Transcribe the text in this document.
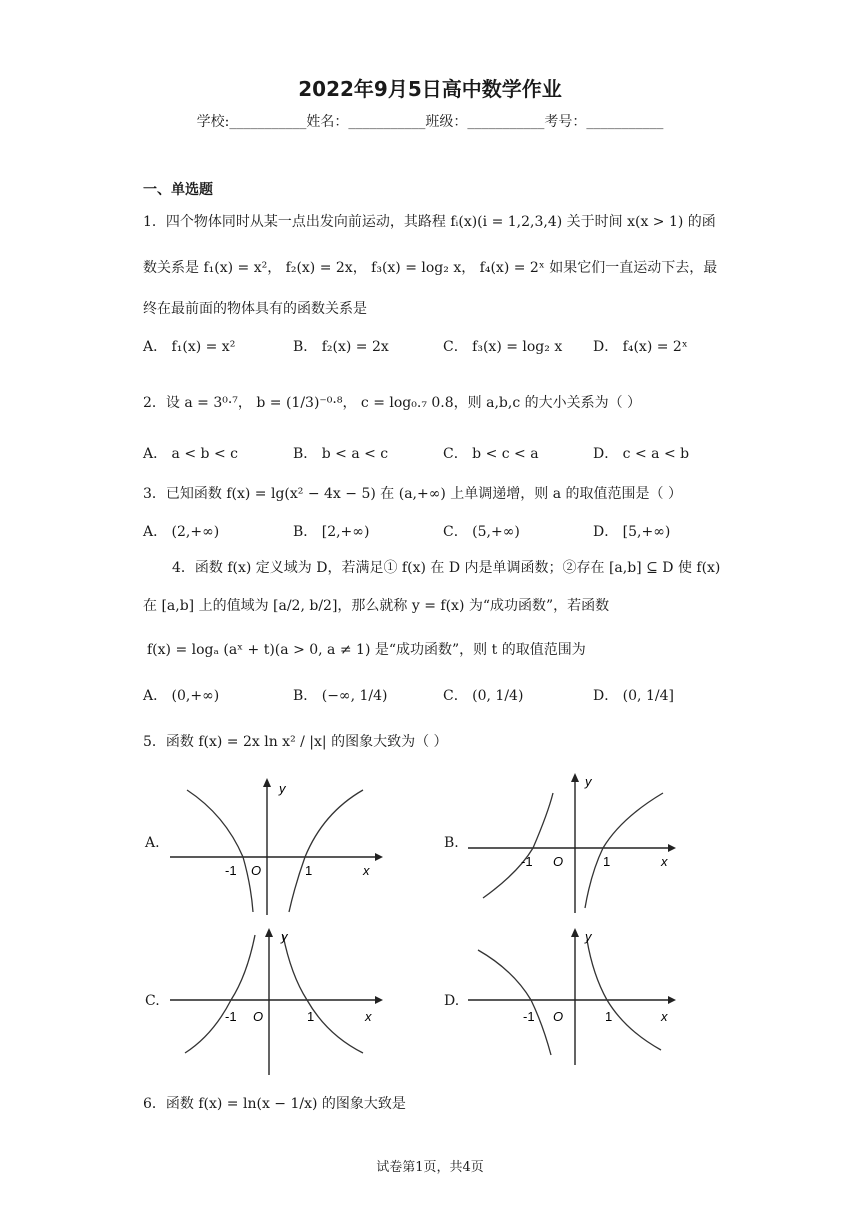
2022年9月5日高中数学作业
学校:___________姓名：___________班级：___________考号：___________
一、单选题
1．四个物体同时从某一点出发向前运动，其路程 fᵢ(x)(i = 1,2,3,4) 关于时间 x(x > 1) 的函
数关系是 f₁(x) = x²， f₂(x) = 2x， f₃(x) = log₂ x， f₄(x) = 2ˣ 如果它们一直运动下去，最
终在最前面的物体具有的函数关系是
A． f₁(x) = x²	B． f₂(x) = 2x	C． f₃(x) = log₂ x D． f₄(x) = 2ˣ
2．设 a = 3⁰·⁷， b = (1/3)⁻⁰·⁸， c = log₀.₇ 0.8，则 a,b,c 的大小关系为（ ）
A． a < b < c	B． b < a < c	C． b < c < a	D． c < a < b
3．已知函数 f(x) = lg(x² − 4x − 5) 在 (a,+∞) 上单调递增，则 a 的取值范围是（ ）
A． (2,+∞)	B． [2,+∞)	C． (5,+∞)	D． [5,+∞)
4．函数 f(x) 定义域为 D，若满足① f(x) 在 D 内是单调函数；②存在 [a,b] ⊆ D 使 f(x)
在 [a,b] 上的值域为 [a/2, b/2]，那么就称 y = f(x) 为“成功函数”，若函数
f(x) = logₐ (aˣ + t)(a > 0, a ≠ 1) 是“成功函数”，则 t 的取值范围为
A． (0,+∞)	B． (−∞, 1/4)	C． (0, 1/4)	D． (0, 1/4]
5．函数 f(x) = 2x ln x² / |x| 的图象大致为（ ）
A.	B.
C.	D.
y
x
O
-1	1
y
x
O
-1	1
y
x
O
-1	1
y
x
O
-1	1
6．函数 f(x) = ln(x − 1/x) 的图象大致是
试卷第1页，共4页
